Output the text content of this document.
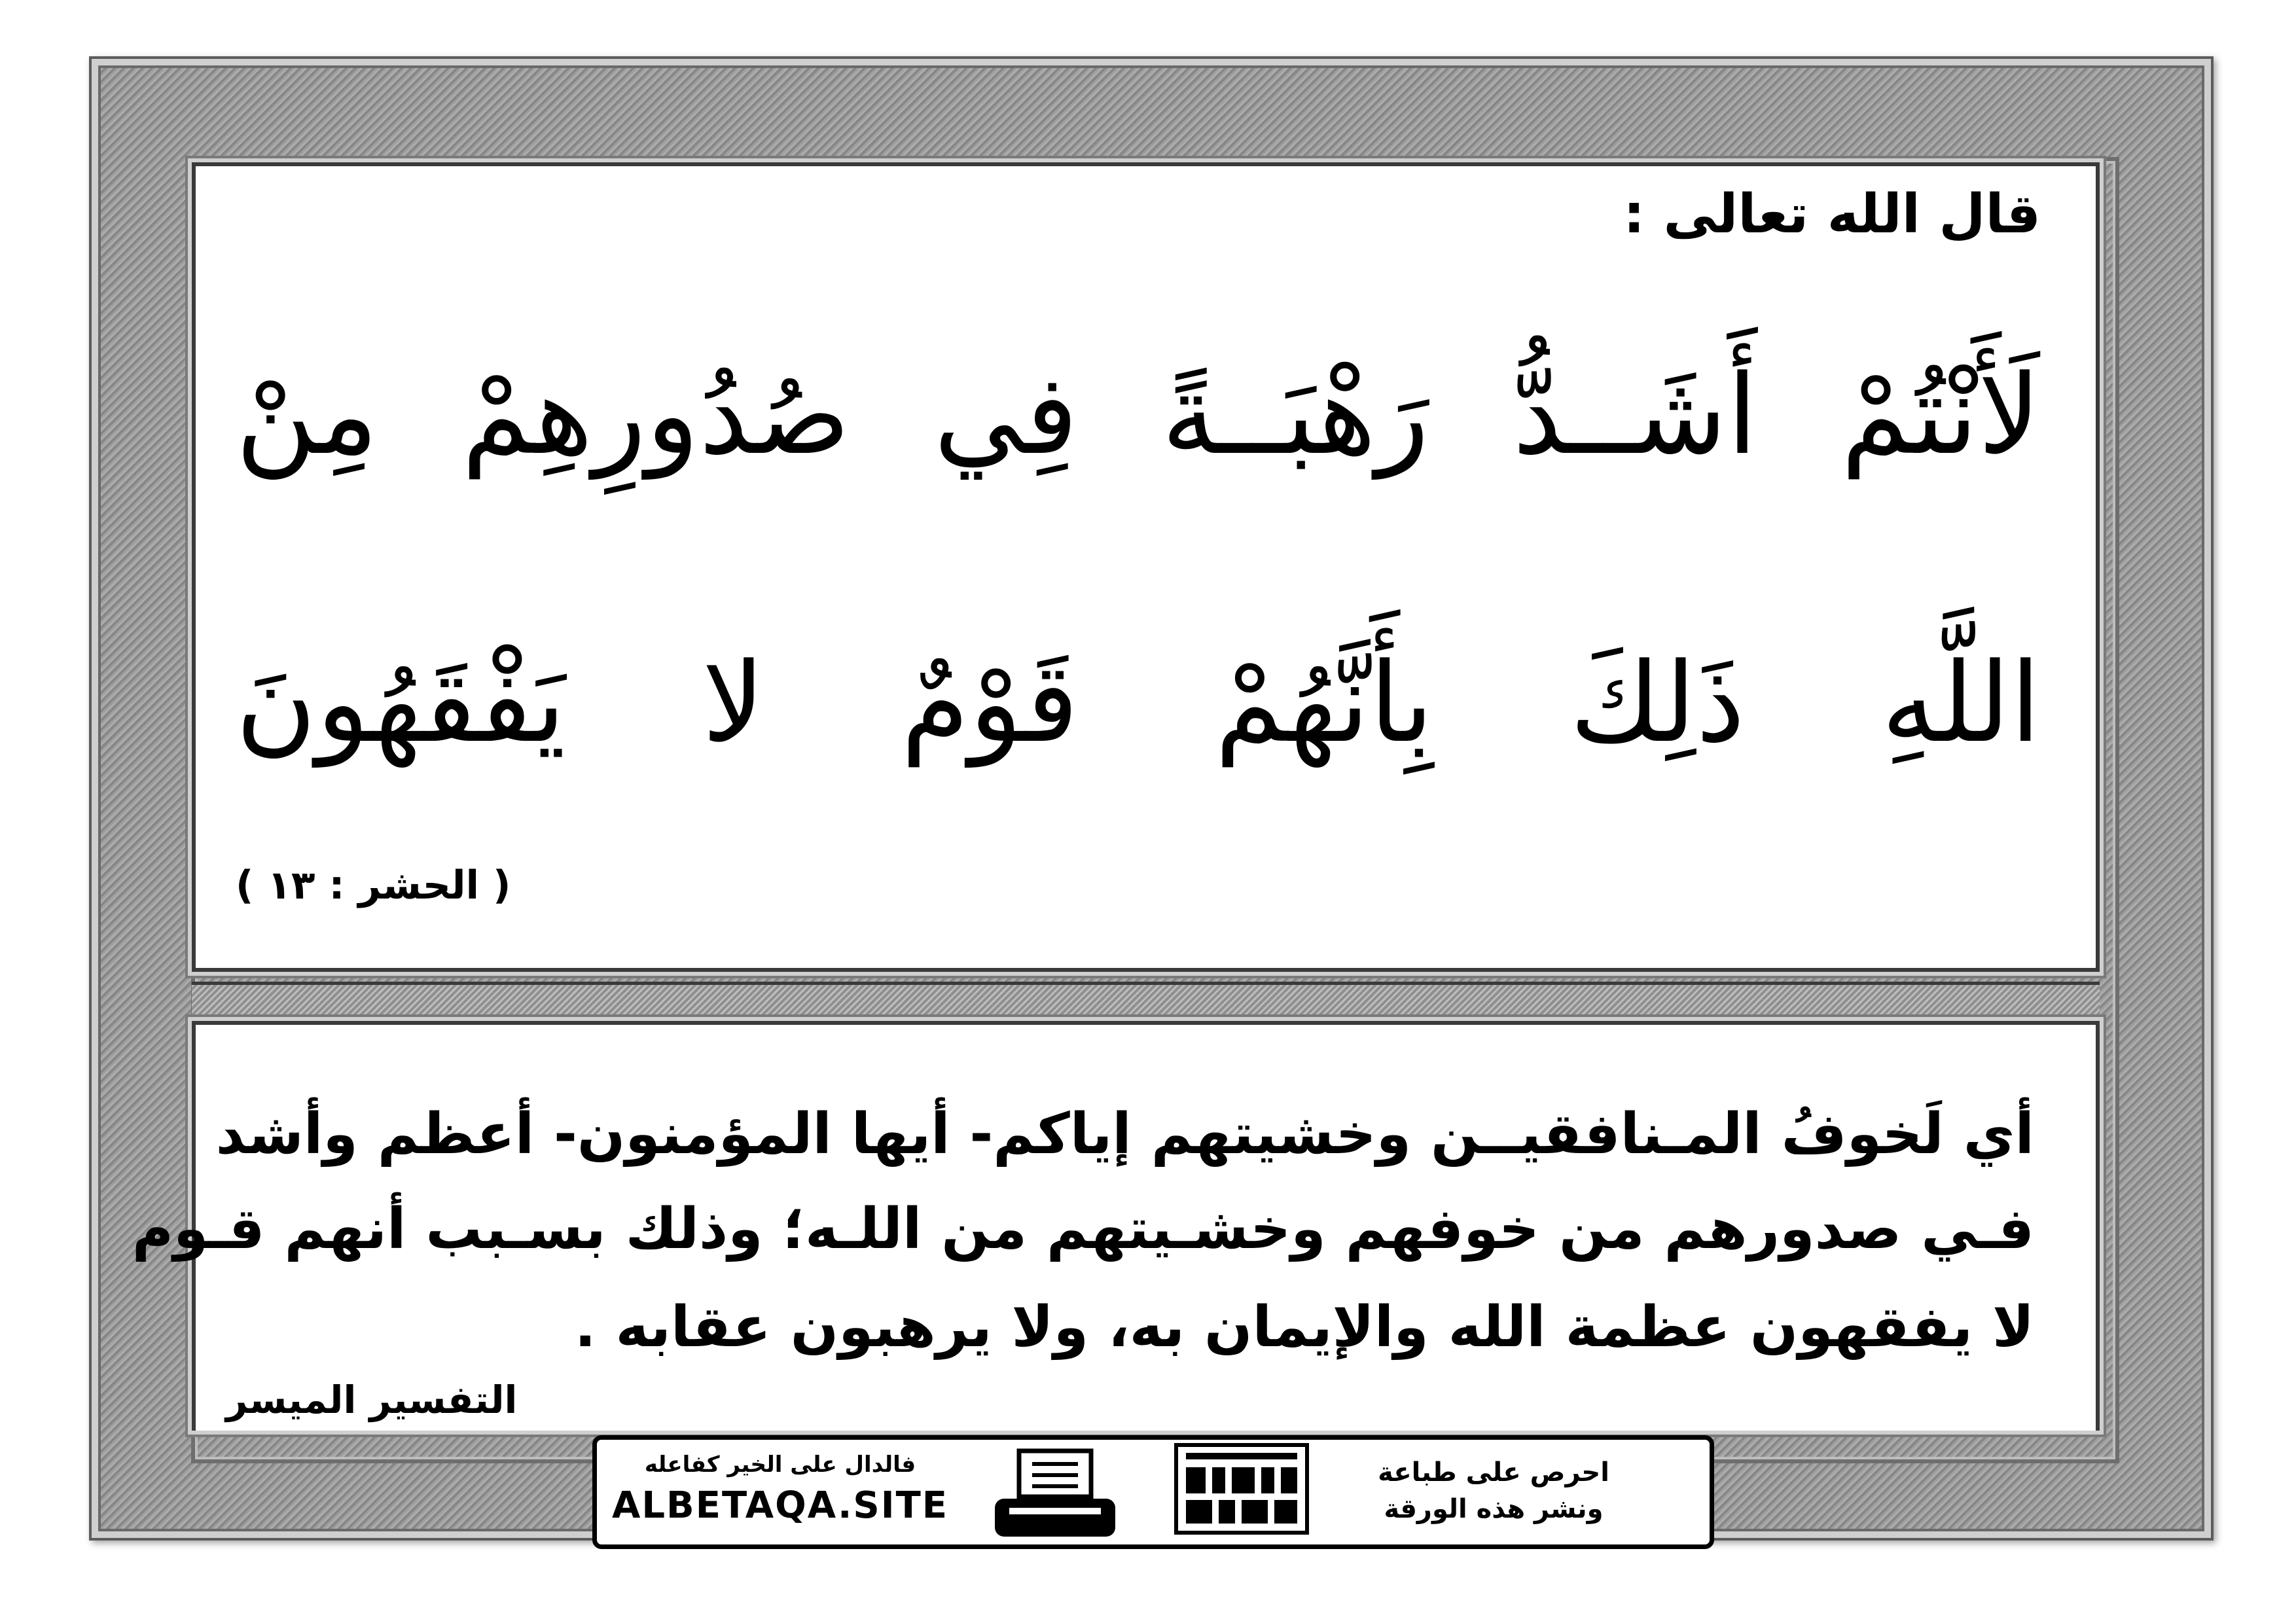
قال الله تعالى :
لَأَنْتُمْ أَشَــدُّ رَهْبَــةً فِي صُدُورِهِمْ مِنْ
اللَّهِ ذَلِكَ بِأَنَّهُمْ قَوْمٌ لا يَفْقَهُونَ
( الحشر : ١٣ )
أي لَخوفُ المـنافقيــن وخشيتهم إياكم- أيها المؤمنون- أعظم وأشد
فـي صدورهم من خوفهم وخشـيتهم من اللـه؛ وذلك بسـبب أنهم قـوم
لا يفقهون عظمة الله والإيمان به، ولا يرهبون عقابه .
التفسير الميسر
فالدال على الخير كفاعله
ALBETAQA.SITE
احرص على طباعة
ونشر هذه الورقة
